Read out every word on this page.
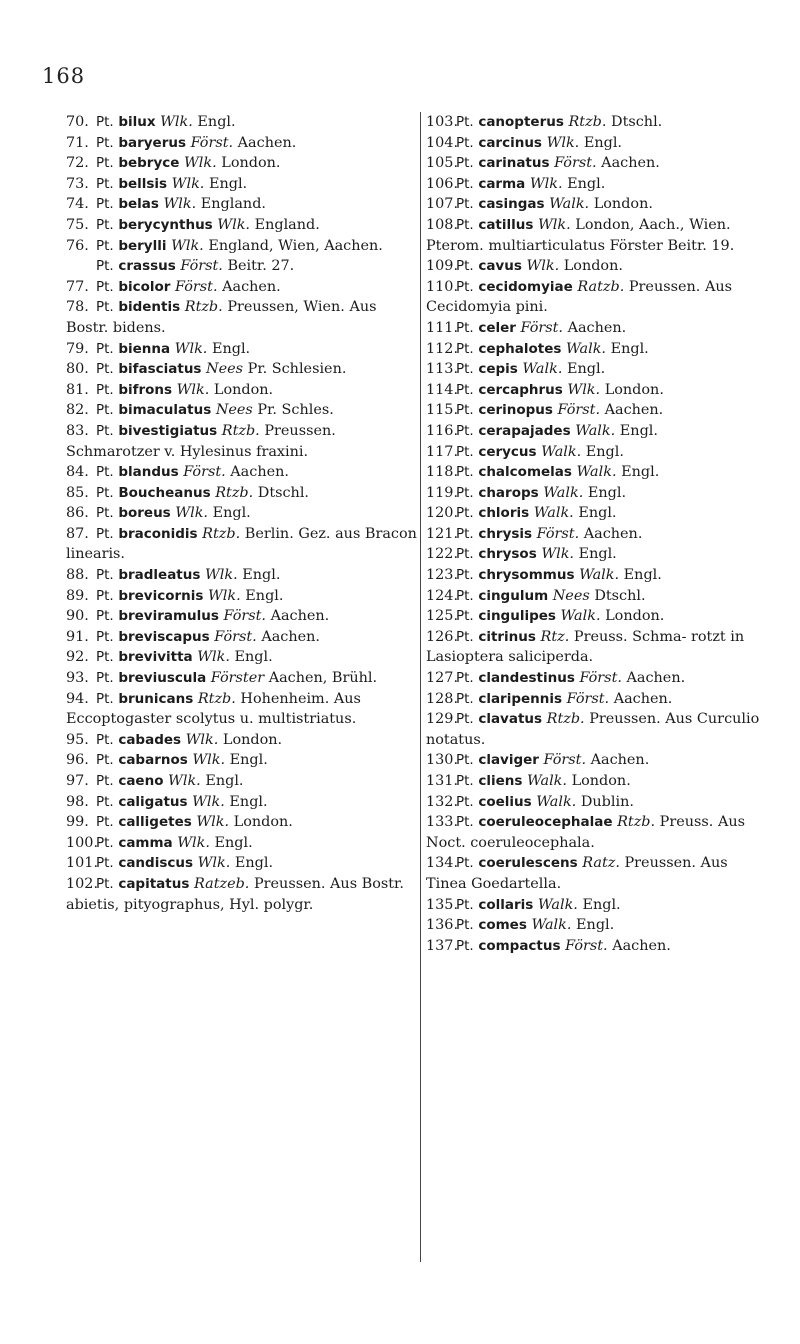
168
70. Pt. bilux Wlk. Engl.
71. Pt. baryerus Först. Aachen.
72. Pt. bebryce Wlk. London.
73. Pt. bellsis Wlk. Engl.
74. Pt. belas Wlk. England.
75. Pt. berycynthus Wlk. England.
76. Pt. berylli Wlk. England, Wien, Aachen.
Pt. crassus Först. Beitr. 27.
77. Pt. bicolor Först. Aachen.
78. Pt. bidentis Rtzb. Preussen, Wien. Aus Bostr. bidens.
79. Pt. bienna Wlk. Engl.
80. Pt. bifasciatus Nees Pr. Schlesien.
81. Pt. bifrons Wlk. London.
82. Pt. bimaculatus Nees Pr. Schles.
83. Pt. bivestigiatus Rtzb. Preussen. Schmarotzer v. Hylesinus fraxini.
84. Pt. blandus Först. Aachen.
85. Pt. Boucheanus Rtzb. Dtschl.
86. Pt. boreus Wlk. Engl.
87. Pt. braconidis Rtzb. Berlin. Gez. aus Bracon linearis.
88. Pt. bradleatus Wlk. Engl.
89. Pt. brevicornis Wlk. Engl.
90. Pt. breviramulus Först. Aachen.
91. Pt. breviscapus Först. Aachen.
92. Pt. brevivitta Wlk. Engl.
93. Pt. breviuscula Förster Aachen, Brühl.
94. Pt. brunicans Rtzb. Hohenheim. Aus Eccoptogaster scolytus u. multistriatus.
95. Pt. cabades Wlk. London.
96. Pt. cabarnos Wlk. Engl.
97. Pt. caeno Wlk. Engl.
98. Pt. caligatus Wlk. Engl.
99. Pt. calligetes Wlk. London.
100.Pt. camma Wlk. Engl.
101.Pt. candiscus Wlk. Engl.
102.Pt. capitatus Ratzeb. Preussen. Aus Bostr. abietis, pityographus, Hyl. polygr.
103.Pt. canopterus Rtzb. Dtschl.
104.Pt. carcinus Wlk. Engl.
105.Pt. carinatus Först. Aachen.
106.Pt. carma Wlk. Engl.
107.Pt. casingas Walk. London.
108.Pt. catillus Wlk. London, Aach., Wien. Pterom. multiarticulatus Förster Beitr. 19.
109.Pt. cavus Wlk. London.
110.Pt. cecidomyiae Ratzb. Preussen. Aus Cecidomyia pini.
111.Pt. celer Först. Aachen.
112.Pt. cephalotes Walk. Engl.
113.Pt. cepis Walk. Engl.
114.Pt. cercaphrus Wlk. London.
115.Pt. cerinopus Först. Aachen.
116.Pt. cerapajades Walk. Engl.
117.Pt. cerycus Walk. Engl.
118.Pt. chalcomelas Walk. Engl.
119.Pt. charops Walk. Engl.
120.Pt. chloris Walk. Engl.
121.Pt. chrysis Först. Aachen.
122.Pt. chrysos Wlk. Engl.
123.Pt. chrysommus Walk. Engl.
124.Pt. cingulum Nees Dtschl.
125.Pt. cingulipes Walk. London.
126.Pt. citrinus Rtz. Preuss. Schma- rotzt in Lasioptera saliciperda.
127.Pt. clandestinus Först. Aachen.
128.Pt. claripennis Först. Aachen.
129.Pt. clavatus Rtzb. Preussen. Aus Curculio notatus.
130.Pt. claviger Först. Aachen.
131.Pt. cliens Walk. London.
132.Pt. coelius Walk. Dublin.
133.Pt. coeruleocephalae Rtzb. Preuss. Aus Noct. coeruleocephala.
134.Pt. coerulescens Ratz. Preussen. Aus Tinea Goedartella.
135.Pt. collaris Walk. Engl.
136.Pt. comes Walk. Engl.
137.Pt. compactus Först. Aachen.
